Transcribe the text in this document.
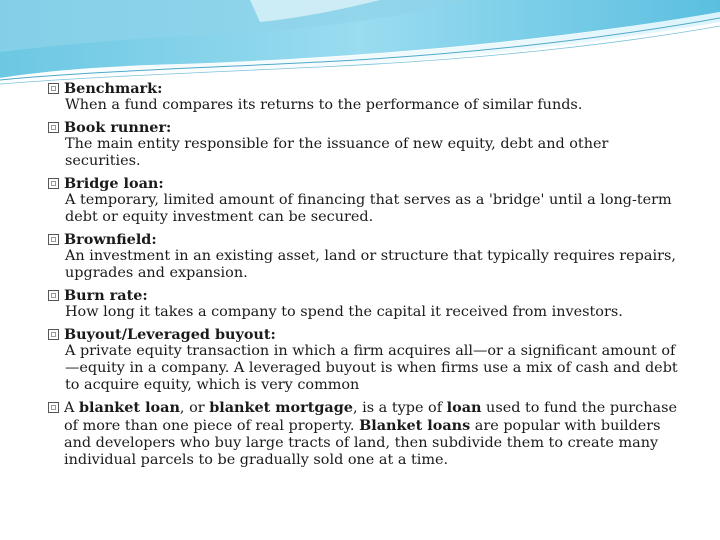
Benchmark:
When a fund compares its returns to the performance of similar funds.
Book runner:
The main entity responsible for the issuance of new equity, debt and other securities.
Bridge loan:
A temporary, limited amount of financing that serves as a 'bridge' until a long-term debt or equity investment can be secured.
Brownfield:
An investment in an existing asset, land or structure that typically requires repairs, upgrades and expansion.
Burn rate:
How long it takes a company to spend the capital it received from investors.
Buyout/Leveraged buyout:
A private equity transaction in which a firm acquires all—or a significant amount of—equity in a company. A leveraged buyout is when firms use a mix of cash and debt to acquire equity, which is very common
A blanket loan, or blanket mortgage, is a type of loan used to fund the purchase of more than one piece of real property. Blanket loans are popular with builders and developers who buy large tracts of land, then subdivide them to create many individual parcels to be gradually sold one at a time.
